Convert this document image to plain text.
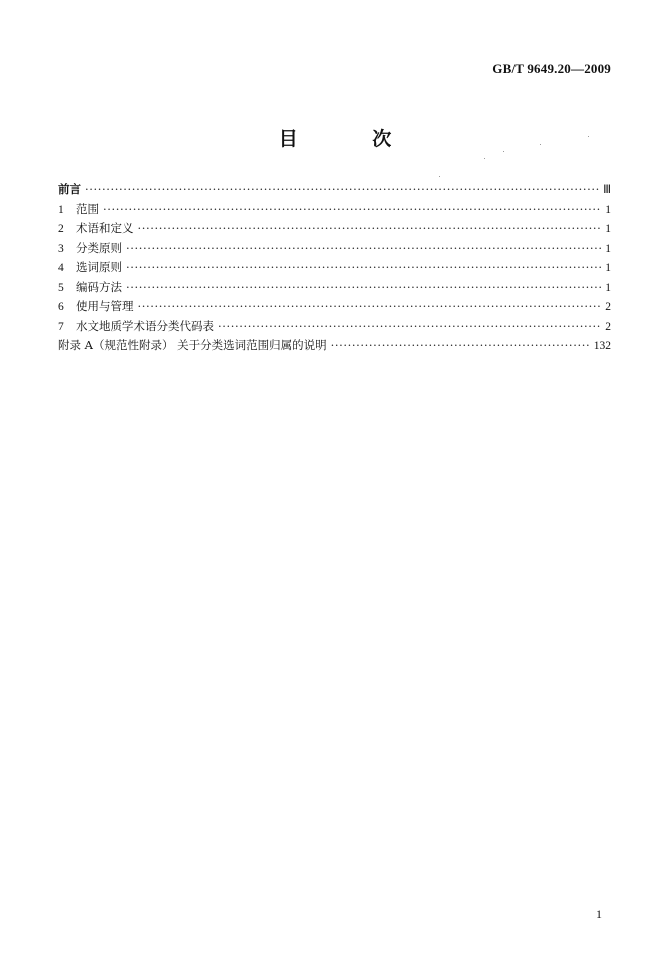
GB/T 9649.20—2009
目 次
前言 ·····	Ⅲ
1	范围 ·····	1
2	术语和定义 ·····	1
3	分类原则 ·····	1
4	选词原则 ·····	1
5	编码方法 ·····	1
6	使用与管理 ·····	2
7	水文地质学术语分类代码表 ·····	2
附录 A（规范性附录） 关于分类选词范围归属的说明 ·····	132
1
